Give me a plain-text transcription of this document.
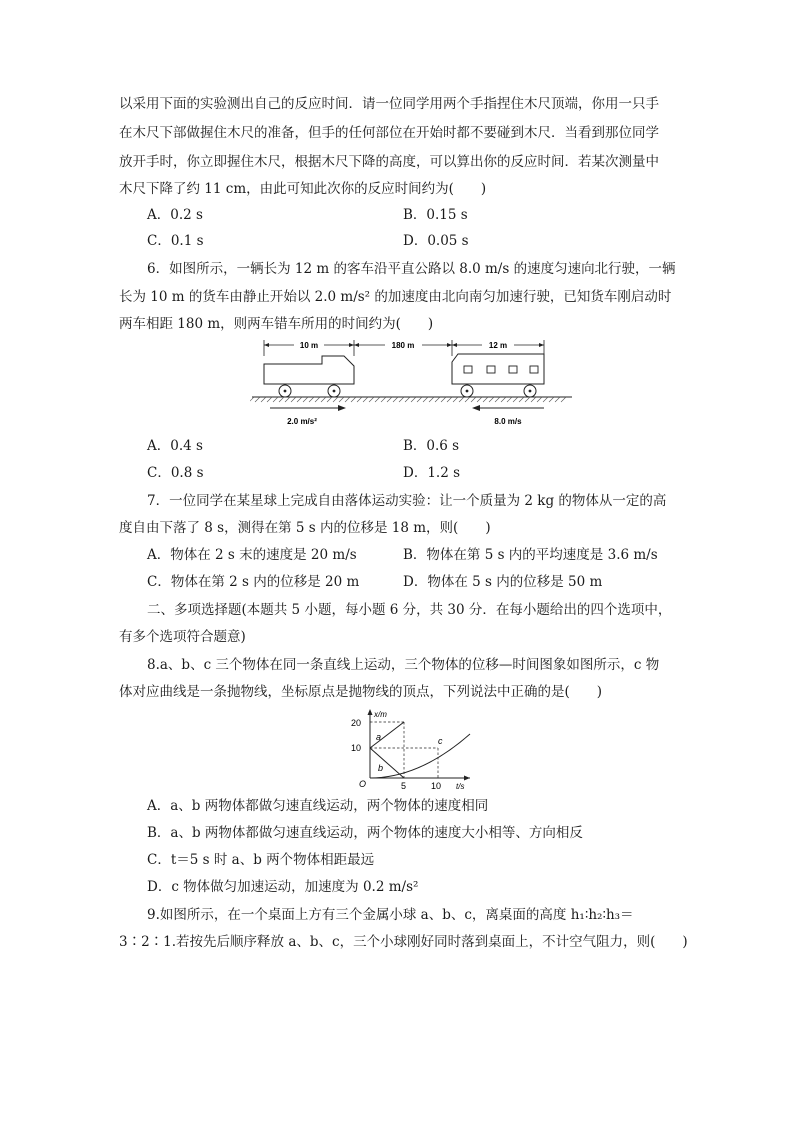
以采用下面的实验测出自己的反应时间．请一位同学用两个手指捏住木尺顶端，你用一只手
在木尺下部做握住木尺的准备，但手的任何部位在开始时都不要碰到木尺．当看到那位同学
放开手时，你立即握住木尺，根据木尺下降的高度，可以算出你的反应时间．若某次测量中
木尺下降了约 11 cm，由此可知此次你的反应时间约为(　　)
A．0.2 s	B．0.15 s
C．0.1 s	D．0.05 s
6．如图所示，一辆长为 12 m 的客车沿平直公路以 8.0 m/s 的速度匀速向北行驶，一辆
长为 10 m 的货车由静止开始以 2.0 m/s² 的加速度由北向南匀加速行驶，已知货车刚启动时
两车相距 180 m，则两车错车所用的时间约为(　　)
10 m	180 m	12 m
2.0 m/s²	8.0 m/s
A．0.4 s	B．0.6 s
C．0.8 s	D．1.2 s
7．一位同学在某星球上完成自由落体运动实验：让一个质量为 2 kg 的物体从一定的高
度自由下落了 8 s，测得在第 5 s 内的位移是 18 m，则(　　)
A．物体在 2 s 末的速度是 20 m/s	B．物体在第 5 s 内的平均速度是 3.6 m/s
C．物体在第 2 s 内的位移是 20 m	D．物体在 5 s 内的位移是 50 m
二、多项选择题(本题共 5 小题，每小题 6 分，共 30 分．在每小题给出的四个选项中，
有多个选项符合题意)
8.a、b、c 三个物体在同一条直线上运动，三个物体的位移—时间图象如图所示，c 物
体对应曲线是一条抛物线，坐标原点是抛物线的顶点，下列说法中正确的是(　　)
x/m
t/s
O
20
10
5	10
a
b
c
A．a、b 两物体都做匀速直线运动，两个物体的速度相同
B．a、b 两物体都做匀速直线运动，两个物体的速度大小相等、方向相反
C．t＝5 s 时 a、b 两个物体相距最远
D．c 物体做匀加速运动，加速度为 0.2 m/s²
9.如图所示，在一个桌面上方有三个金属小球 a、b、c，离桌面的高度 h₁∶h₂∶h₃＝
3∶2∶1.若按先后顺序释放 a、b、c，三个小球刚好同时落到桌面上，不计空气阻力，则(　　)
